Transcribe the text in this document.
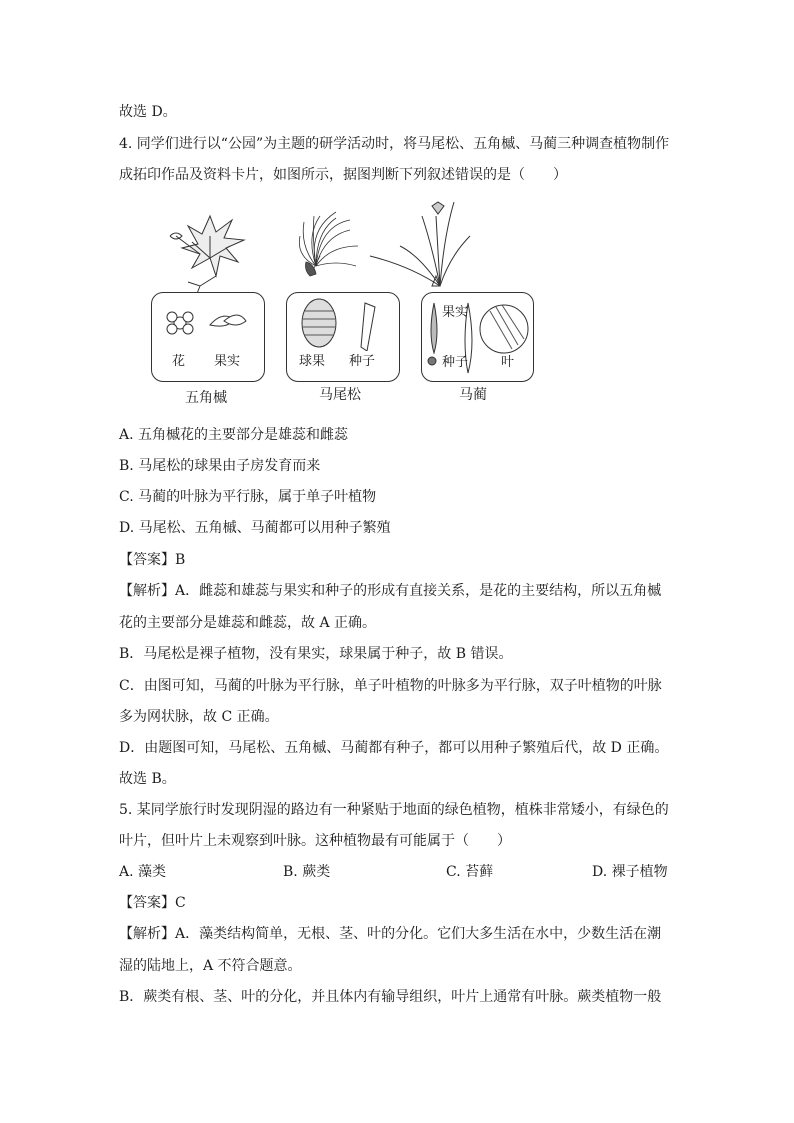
故选 D。
4. 同学们进行以“公园”为主题的研学活动时，将马尾松、五角槭、马蔺三种调查植物制作
成拓印作品及资料卡片，如图所示，据图判断下列叙述错误的是（　　）
花 果实
五角槭
球果 种子
马尾松
果实
种子	叶
马蔺
A. 五角槭花的主要部分是雄蕊和雌蕊
B. 马尾松的球果由子房发育而来
C. 马蔺的叶脉为平行脉，属于单子叶植物
D. 马尾松、五角槭、马蔺都可以用种子繁殖
【答案】B
【解析】A．雌蕊和雄蕊与果实和种子的形成有直接关系，是花的主要结构，所以五角槭
花的主要部分是雄蕊和雌蕊，故 A 正确。
B．马尾松是裸子植物，没有果实，球果属于种子，故 B 错误。
C．由图可知，马蔺的叶脉为平行脉，单子叶植物的叶脉多为平行脉，双子叶植物的叶脉
多为网状脉，故 C 正确。
D．由题图可知，马尾松、五角槭、马蔺都有种子，都可以用种子繁殖后代，故 D 正确。
故选 B。
5. 某同学旅行时发现阴湿的路边有一种紧贴于地面的绿色植物，植株非常矮小，有绿色的
叶片，但叶片上未观察到叶脉。这种植物最有可能属于（　　）
A. 藻类	B. 蕨类	C. 苔藓	D. 裸子植物
【答案】C
【解析】A．藻类结构简单，无根、茎、叶的分化。它们大多生活在水中，少数生活在潮
湿的陆地上，A 不符合题意。
B．蕨类有根、茎、叶的分化，并且体内有输导组织，叶片上通常有叶脉。蕨类植物一般
